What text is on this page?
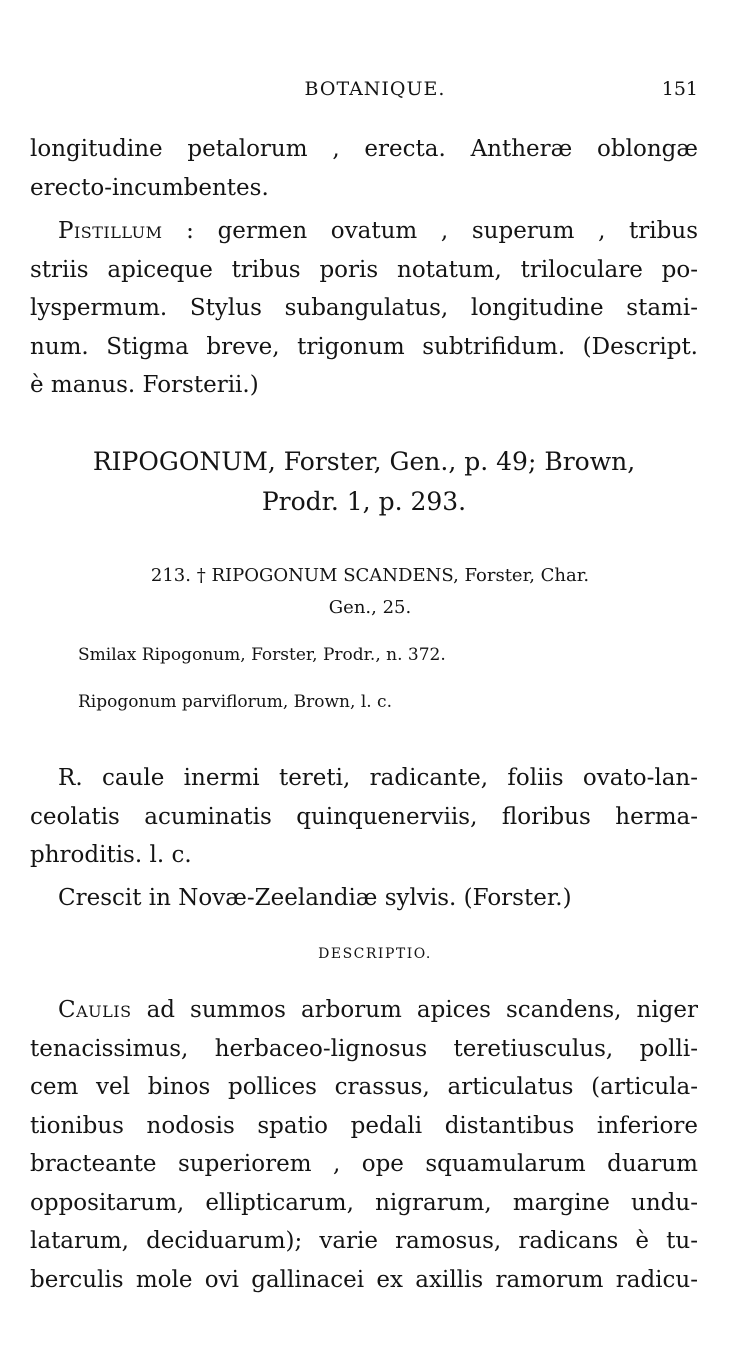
BOTANIQUE.	151

longitudine petalorum , erecta. Antheræ oblongæ

erecto-incumbentes.

Pistillum : germen ovatum , superum , tribus

striis apiceque tribus poris notatum, triloculare po-

lyspermum. Stylus subangulatus, longitudine stami-

num. Stigma breve, trigonum subtrifidum. (Descript.

è manus. Forsterii.)

RIPOGONUM, Forster, Gen., p. 49; Brown,
Prodr. 1, p. 293.
213. † RIPOGONUM SCANDENS, Forster, Char.
Gen., 25.
Smilax Ripogonum, Forster, Prodr., n. 372.
Ripogonum parviflorum, Brown, l. c.

R. caule inermi tereti, radicante, foliis ovato-lan-

ceolatis acuminatis quinquenerviis, floribus herma-

phroditis. l. c.

Crescit in Novæ-Zeelandiæ sylvis. (Forster.)

DESCRIPTIO.

Caulis ad summos arborum apices scandens, niger

tenacissimus, herbaceo-lignosus teretiusculus, polli-

cem vel binos pollices crassus, articulatus (articula-

tionibus nodosis spatio pedali distantibus inferiore

bracteante superiorem , ope squamularum duarum

oppositarum, ellipticarum, nigrarum, margine undu-

latarum, deciduarum); varie ramosus, radicans è tu-

berculis mole ovi gallinacei ex axillis ramorum radicu-
